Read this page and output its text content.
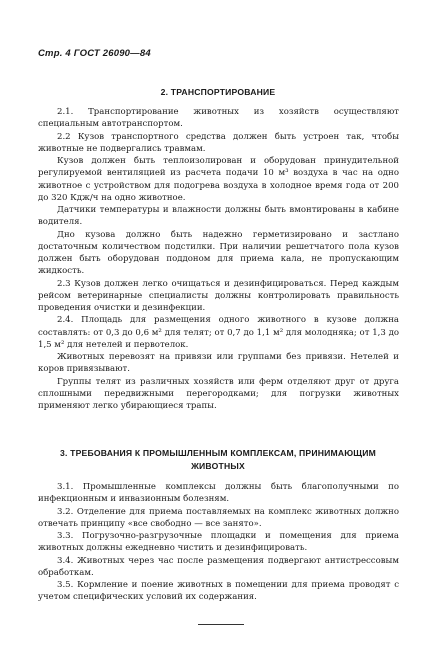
Стр. 4 ГОСТ 26090—84
2. ТРАНСПОРТИРОВАНИЕ

2.1. Транспортирование животных из хозяйств осуществляют специальным автотранспортом.

2.2 Кузов транспортного средства должен быть устроен так, чтобы животные не подвергались травмам.

Кузов должен быть теплоизолирован и оборудован принудительной регулируемой вентиляцией из расчета подачи 10 м³ воздуха в час на одно животное с устройством для подогрева воздуха в холодное время года от 200 до 320 Кдж/ч на одно животное.

Датчики температуры и влажности должны быть вмонтированы в кабине водителя.

Дно кузова должно быть надежно герметизировано и застлано достаточным количеством подстилки. При наличии решетчатого пола кузов должен быть оборудован поддоном для приема кала, не пропускающим жидкость.

2.3 Кузов должен легко очищаться и дезинфицироваться. Перед каждым рейсом ветеринарные специалисты должны контролировать правильность проведения очистки и дезинфекции.

2.4. Площадь для размещения одного животного в кузове должна составлять: от 0,3 до 0,6 м² для телят; от 0,7 до 1,1 м² для молодняка; от 1,3 до 1,5 м² для нетелей и первотелок.

Животных перевозят на привязи или группами без привязи. Нетелей и коров привязывают.

Группы телят из различных хозяйств или ферм отделяют друг от друга сплошными передвижными перегородками; для погрузки животных применяют легко убирающиеся трапы.

3. ТРЕБОВАНИЯ К ПРОМЫШЛЕННЫМ КОМПЛЕКСАМ, ПРИНИМАЮЩИМ ЖИВОТНЫХ

3.1. Промышленные комплексы должны быть благополучными по инфекционным и инвазионным болезням.

3.2. Отделение для приема поставляемых на комплекс животных должно отвечать принципу «все свободно — все занято».

3.3. Погрузочно-разгрузочные площадки и помещения для приема животных должны ежедневно чистить и дезинфицировать.

3.4. Животных через час после размещения подвергают антистрессовым обработкам.

3.5. Кормление и поение животных в помещении для приема проводят с учетом специфических условий их содержания.
